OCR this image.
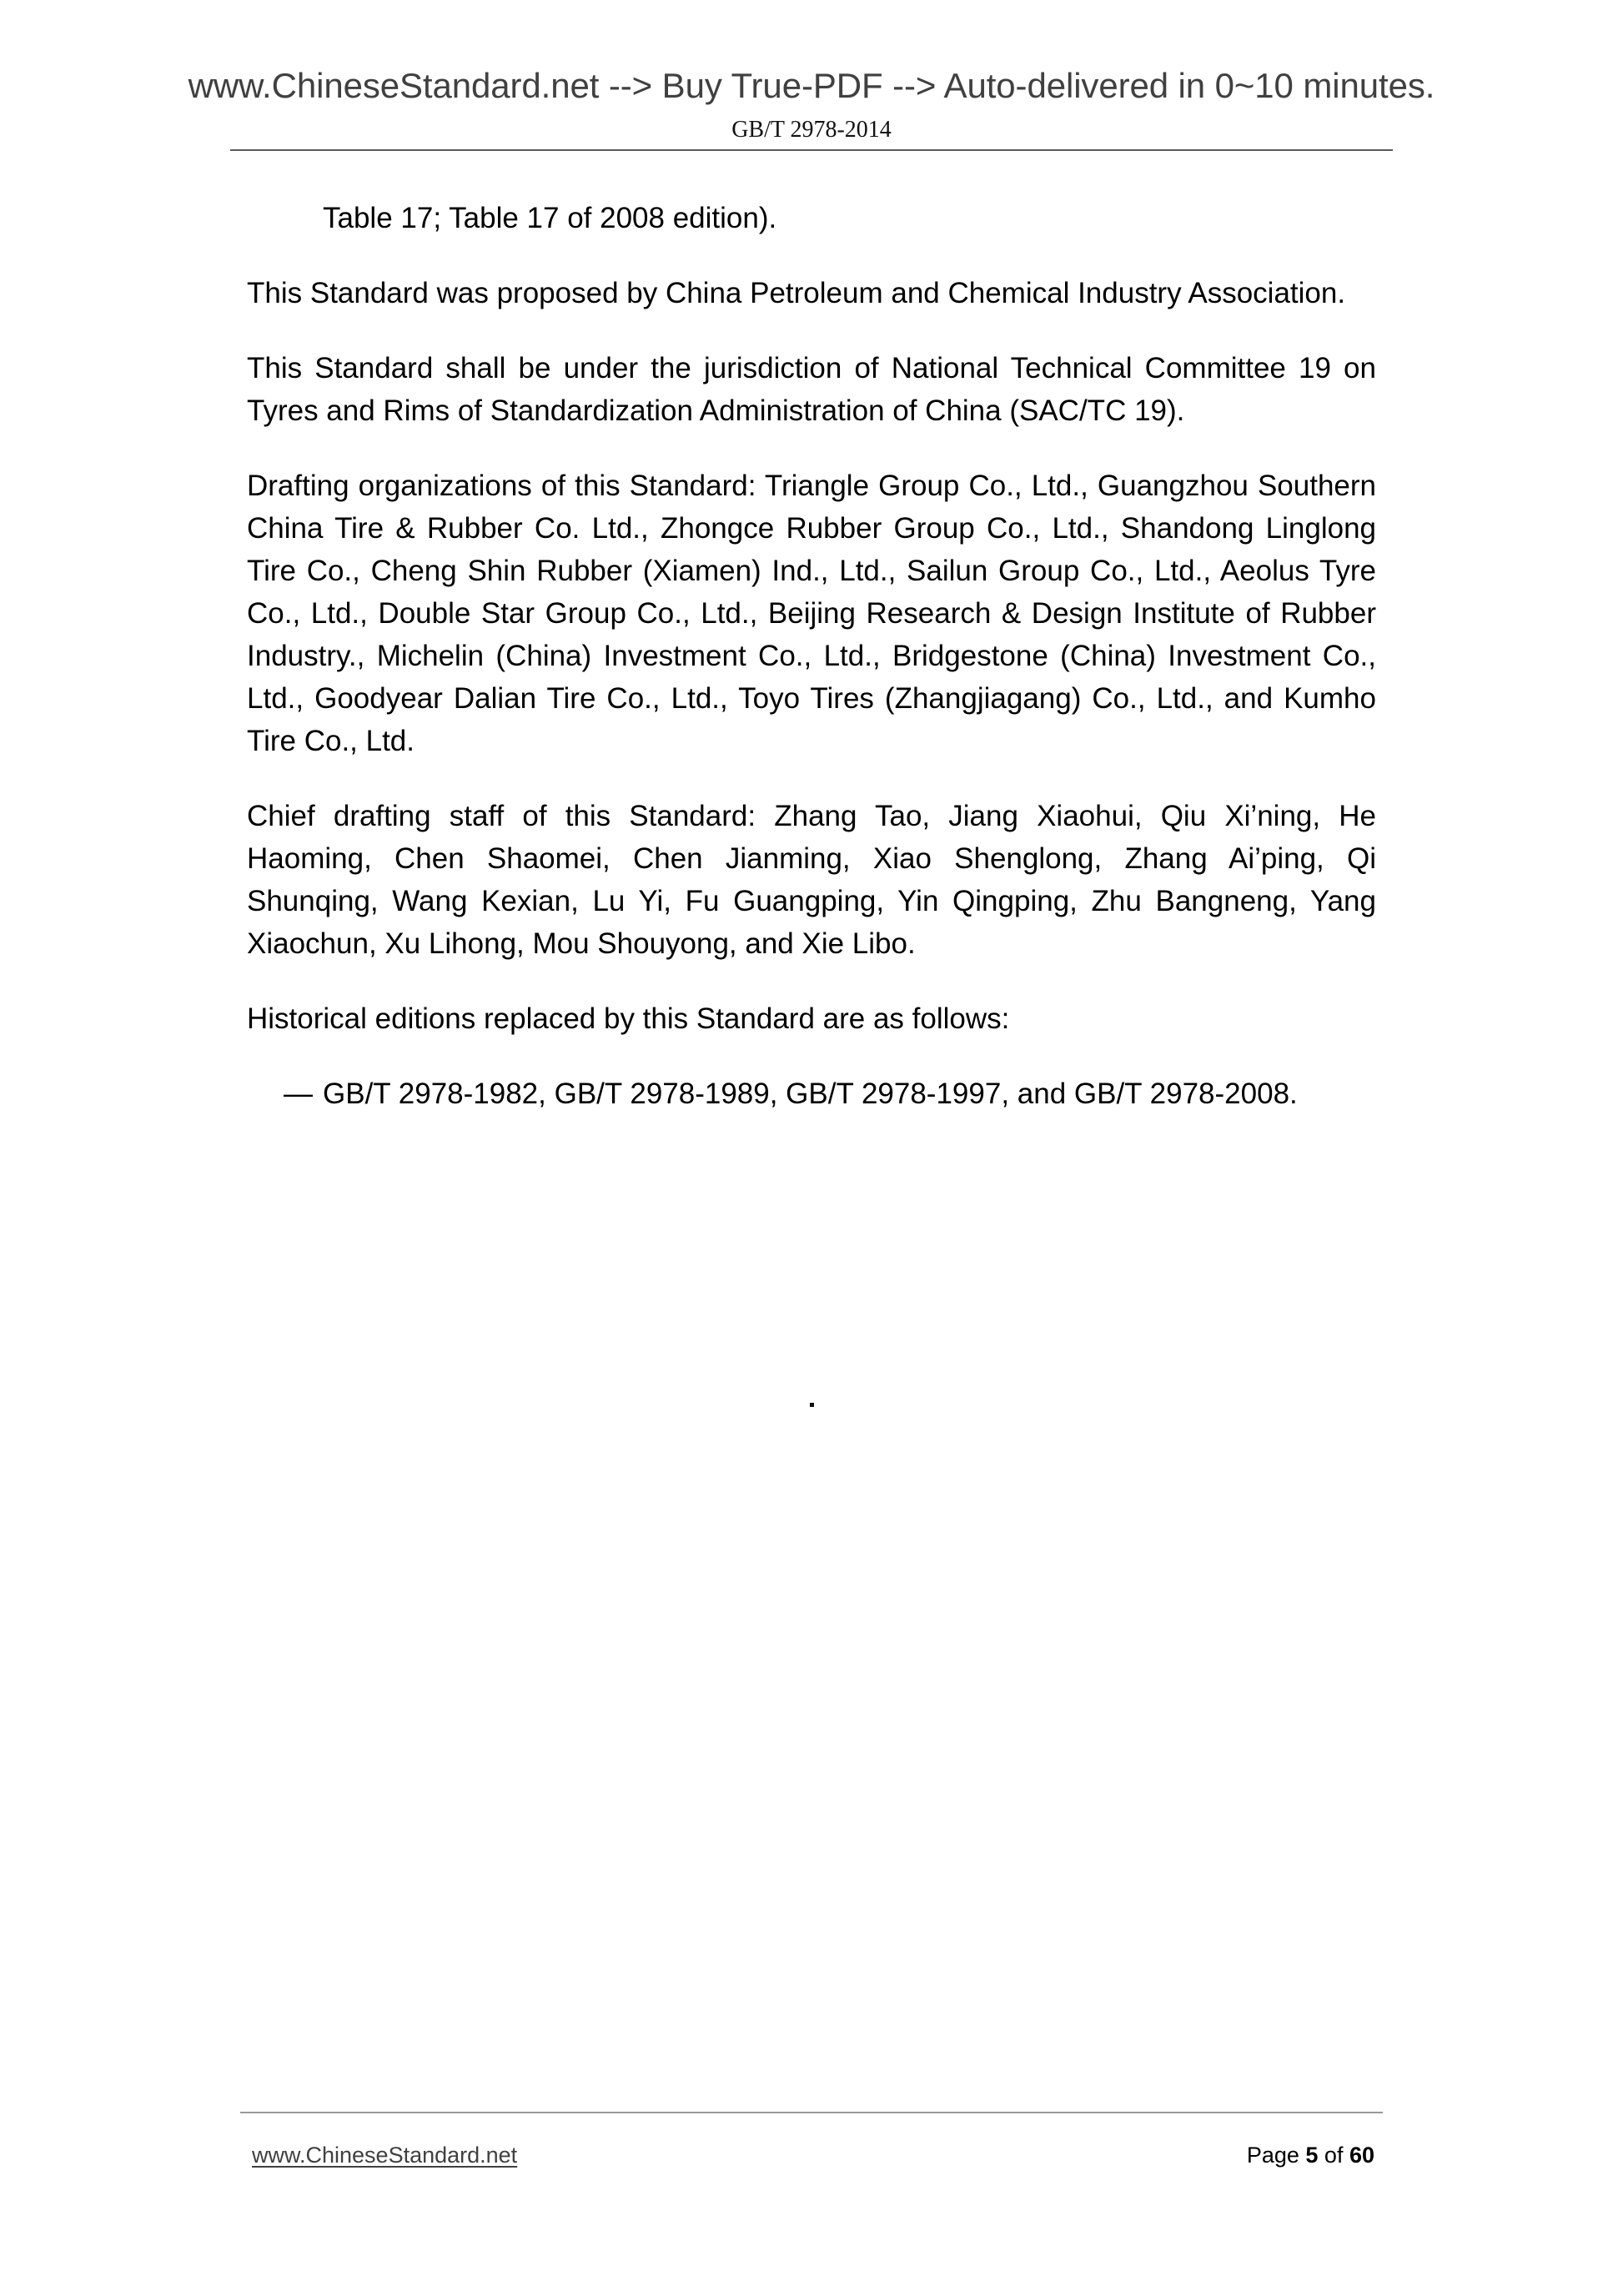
www.ChineseStandard.net --> Buy True-PDF --> Auto-delivered in 0~10 minutes.
GB/T 2978-2014

Table 17; Table 17 of 2008 edition).

This Standard was proposed by China Petroleum and Chemical Industry Association.

This Standard shall be under the jurisdiction of National Technical Committee 19 on Tyres and Rims of Standardization Administration of China (SAC/TC 19).

Drafting organizations of this Standard: Triangle Group Co., Ltd., Guangzhou Southern China Tire & Rubber Co. Ltd., Zhongce Rubber Group Co., Ltd., Shandong Linglong Tire Co., Cheng Shin Rubber (Xiamen) Ind., Ltd., Sailun Group Co., Ltd., Aeolus Tyre Co., Ltd., Double Star Group Co., Ltd., Beijing Research & Design Institute of Rubber Industry., Michelin (China) Investment Co., Ltd., Bridgestone (China) Investment Co., Ltd., Goodyear Dalian Tire Co., Ltd., Toyo Tires (Zhangjiagang) Co., Ltd., and Kumho Tire Co., Ltd.

Chief drafting staff of this Standard: Zhang Tao, Jiang Xiaohui, Qiu Xi’ning, He Haoming, Chen Shaomei, Chen Jianming, Xiao Shenglong, Zhang Ai’ping, Qi Shunqing, Wang Kexian, Lu Yi, Fu Guangping, Yin Qingping, Zhu Bangneng, Yang Xiaochun, Xu Lihong, Mou Shouyong, and Xie Libo.

Historical editions replaced by this Standard are as follows:

— GB/T 2978-1982, GB/T 2978-1989, GB/T 2978-1997, and GB/T 2978-2008.
www.ChineseStandard.net	Page 5 of 60
